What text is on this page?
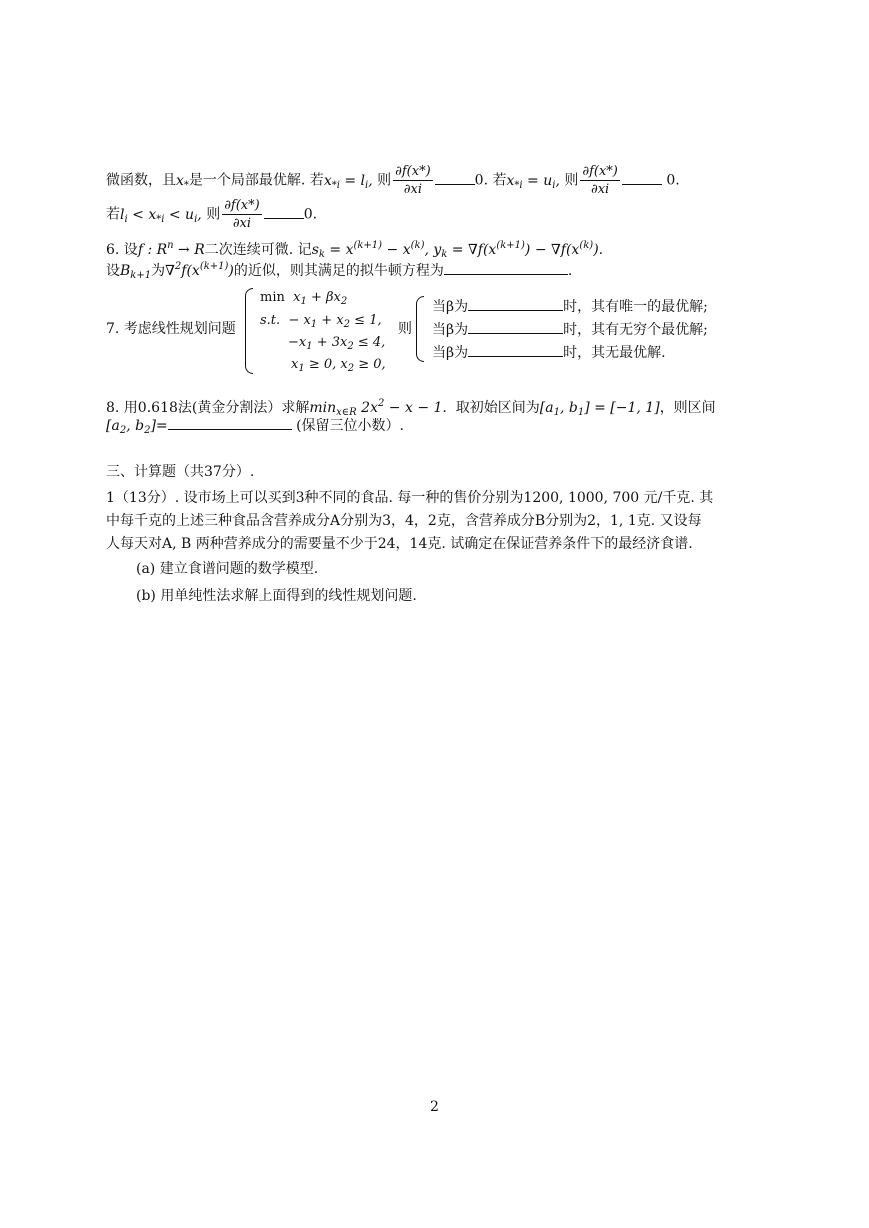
微函数，且$x_*$是一个局部最优解. 若$x_{*i} = l_i$, 则 $\frac{\partial f(x*)}{\partial xi}$	0. 若$x_{*i} = u_i$, 则 $\frac{\partial f(x*)}{\partial xi}$	0.
若$l_i < x_{*i} < u_i$, 则 $\frac{\partial f(x*)}{\partial xi}$	0.
6. 设f : $R^n \to R$二次连续可微. 记$s_k = x^{(k+1)} - x^{(k)}$, $y_k = \nabla f(x^{(k+1)}) - \nabla f(x^{(k)})$.
设$B_{k+1}$为$\nabla^2f(x^{(k+1)})$的近似，则其满足的拟牛顿方程为	.
7. 考虑线性规划问题
$\min x_1 + \beta x_2$
s.t. − $x_1 + x_2 \le 1$,
$-x_1 + 3x_2 \le 4$,
$x_1 \ge 0$, $x_2 \ge 0$,
则
当β为	时，其有唯一的最优解;
当β为	时，其有无穷个最优解;
当β为	时，其无最优解.
8. 用0.618法(黄金分割法）求解$\min_{x\in R} 2x^2 - x - 1$. 取初始区间为[$a_1$, $b_1] = [-1$, 1]，则区间
[$a_2$, $b_2]=$	(保留三位小数）.
三、计算题（共37分）.
1（13分）. 设市场上可以买到3种不同的食品. 每一种的售价分别为1200, 1000, 700 元/千克. 其
中每千克的上述三种食品含营养成分A分别为3，4，2克，含营养成分B分别为2，1, 1克. 又设每
人每天对A, B 两种营养成分的需要量不少于24，14克. 试确定在保证营养条件下的最经济食谱.
(a) 建立食谱问题的数学模型.
(b) 用单纯性法求解上面得到的线性规划问题.
2
